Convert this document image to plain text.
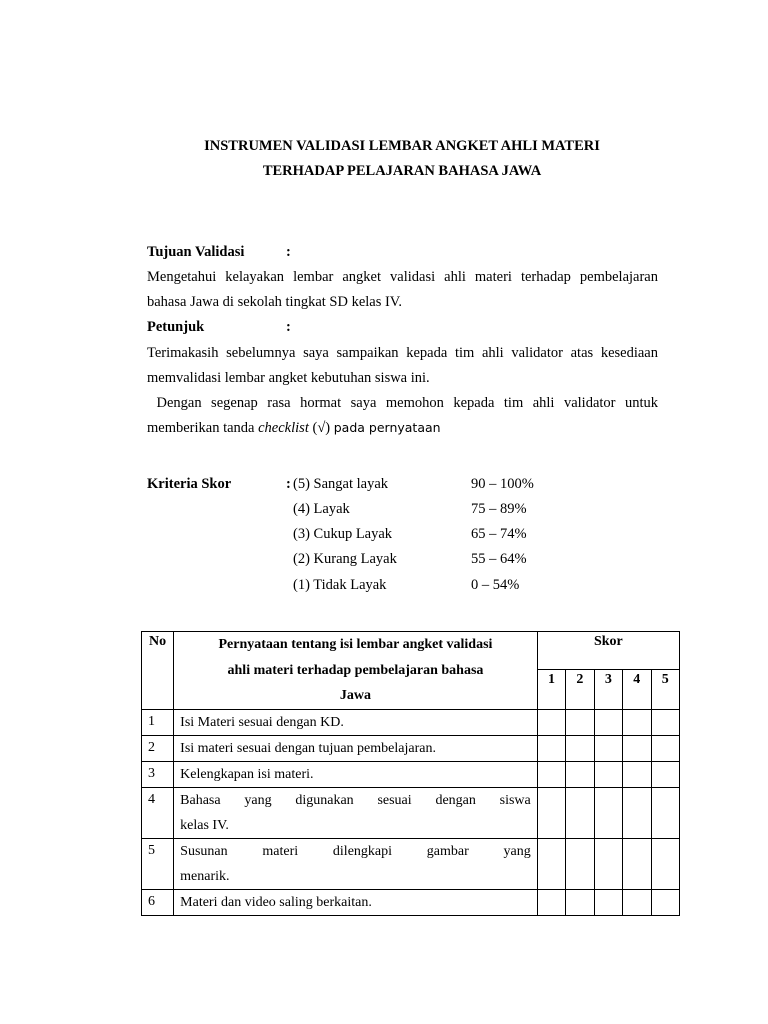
INSTRUMEN VALIDASI LEMBAR ANGKET AHLI MATERI
TERHADAP PELAJARAN BAHASA JAWA
Tujuan Validasi	:
Mengetahui kelayakan lembar angket validasi ahli materi terhadap pembelajaran
bahasa Jawa di sekolah tingkat SD kelas IV.
Petunjuk	:
Terimakasih sebelumnya saya sampaikan kepada tim ahli validator atas kesediaan
memvalidasi lembar angket kebutuhan siswa ini.
Dengan segenap rasa hormat saya memohon kepada tim ahli validator untuk
memberikan tanda checklist (√) pada pernyataan
Kriteria Skor	: (5) Sangat layak	90 – 100%
(4) Layak	75 – 89%
(3) Cukup Layak	65 – 74%
(2) Kurang Layak	55 – 64%
(1) Tidak Layak	0 – 54%
No	Pernyataan tentang isi lembar angket validasi
ahli materi terhadap pembelajaran bahasa
Jawa	Skor				
		1	2	3	4	5
1	Isi Materi sesuai dengan KD.					
2	Isi materi sesuai dengan tujuan pembelajaran.					
3	Kelengkapan isi materi.					
4	Bahasa yang digunakan sesuai dengan siswa
kelas IV.					

5	Susunan materi dilengkapi gambar yang
menarik.					

6	Materi dan video saling berkaitan.					
